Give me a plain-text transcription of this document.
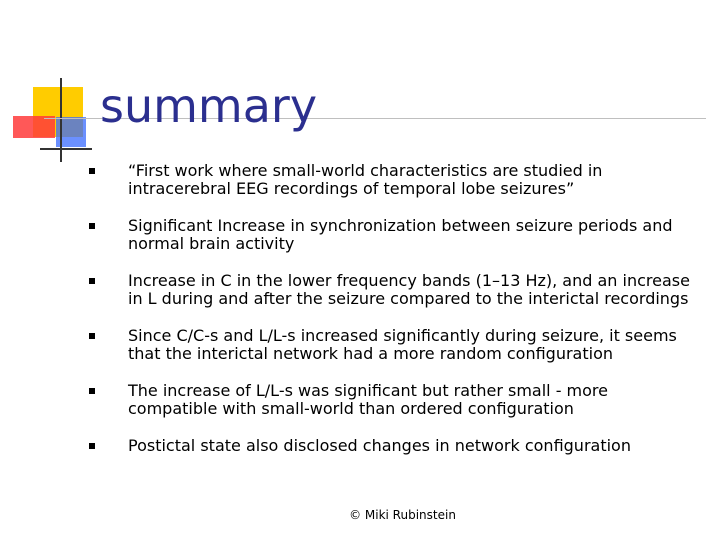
summary
“First work where small-world characteristics are studied in intracerebral EEG recordings of temporal lobe seizures”
Significant Increase in synchronization between seizure periods and normal brain activity
Increase in C in the lower frequency bands (1–13 Hz), and an increase in L during and after the seizure compared to the interictal recordings
Since C/C-s and L/L-s increased significantly during seizure, it seems that the interictal network had a more random configuration
The increase of L/L-s was significant but rather small - more compatible with small-world than ordered configuration
Postictal state also disclosed changes in network configuration
© Miki Rubinstein
